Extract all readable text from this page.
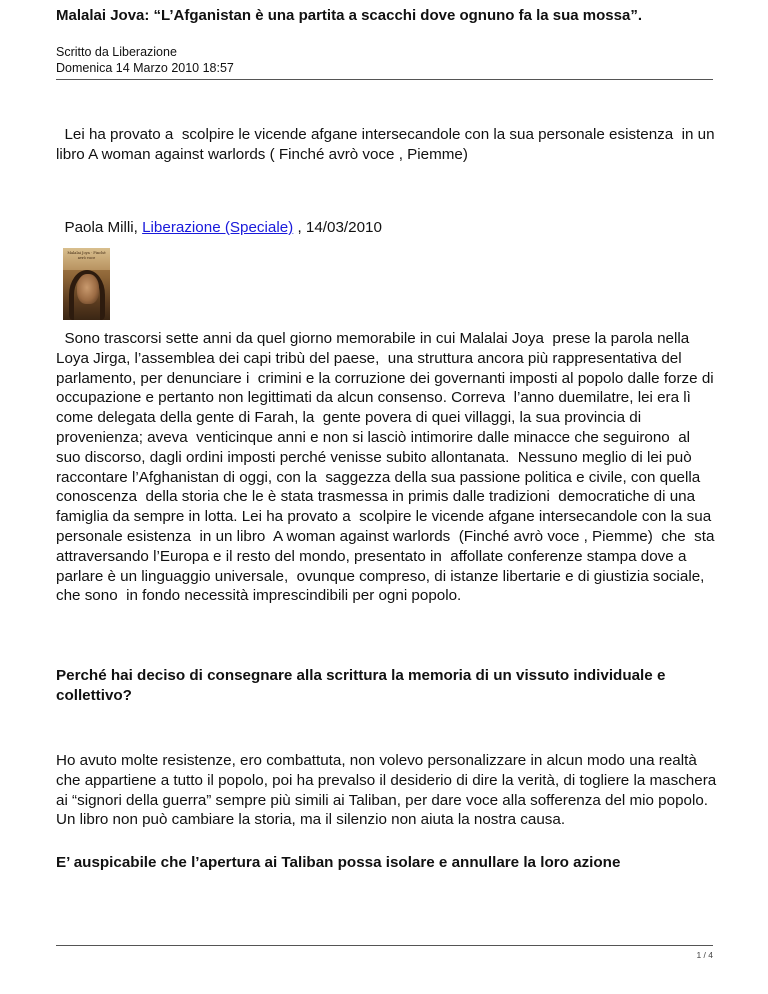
Malalai Jova: “L’Afganistan è una partita a scacchi dove ognuno fa la sua mossa”.
Scritto da Liberazione
Domenica 14 Marzo 2010 18:57
Lei ha provato a  scolpire le vicende afgane intersecandole con la sua personale esistenza  in un libro A woman against warlords ( Finché avrò voce , Piemme)
Paola Milli, Liberazione (Speciale) , 14/03/2010
Malalai Joya · Finché avrò voce
Sono trascorsi sette anni da quel giorno memorabile in cui Malalai Joya  prese la parola nella Loya Jirga, l’assemblea dei capi tribù del paese,  una struttura ancora più rappresentativa del parlamento, per denunciare i  crimini e la corruzione dei governanti imposti al popolo dalle forze di  occupazione e pertanto non legittimati da alcun consenso. Correva  l’anno duemilatre, lei era lì come delegata della gente di Farah, la  gente povera di quei villaggi, la sua provincia di provenienza; aveva  venticinque anni e non si lasciò intimorire dalle minacce che seguirono  al suo discorso, dagli ordini imposti perché venisse subito allontanata.  Nessuno meglio di lei può raccontare l’Afghanistan di oggi, con la  saggezza della sua passione politica e civile, con quella conoscenza  della storia che le è stata trasmessa in primis dalle tradizioni  democratiche di una famiglia da sempre in lotta. Lei ha provato a  scolpire le vicende afgane intersecandole con la sua personale esistenza  in un libro  A woman against warlords  (Finché avrò voce , Piemme)  che  sta attraversando l’Europa e il resto del mondo, presentato in  affollate conferenze stampa dove a parlare è un linguaggio universale,  ovunque compreso, di istanze libertarie e di giustizia sociale, che sono  in fondo necessità imprescindibili per ogni popolo.
Perché hai deciso di consegnare alla scrittura la memoria di un vissuto individuale e collettivo?
Ho avuto molte resistenze, ero combattuta, non volevo personalizzare in alcun modo una realtà che appartiene a tutto il popolo, poi ha prevalso il desiderio di dire la verità, di togliere la maschera ai “signori della guerra” sempre più simili ai Taliban, per dare voce alla sofferenza del mio popolo. Un libro non può cambiare la storia, ma il silenzio non aiuta la nostra causa.
E’ auspicabile che l’apertura ai Taliban possa isolare e annullare la loro azione
1 / 4
